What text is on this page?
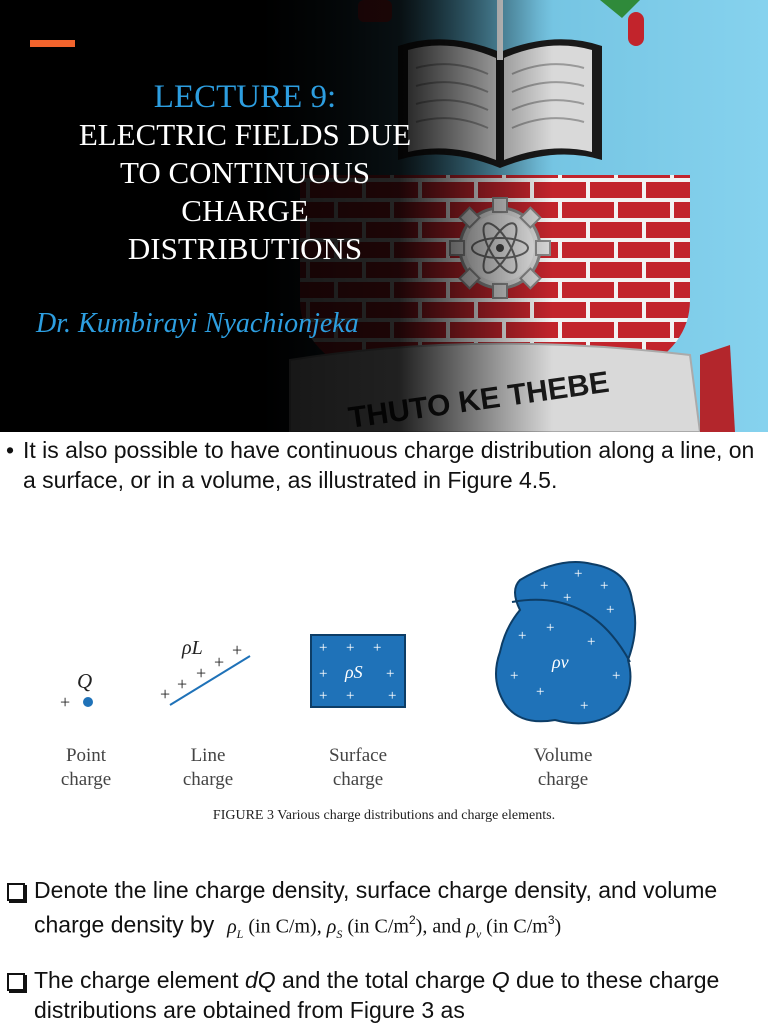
LECTURE 9:
ELECTRIC FIELDS DUE
TO CONTINUOUS
CHARGE
DISTRIBUTIONS
Dr. Kumbirayi Nyachionjeka
• It is also possible to have continuous charge distribution along a line, on a surface, or in a volume, as illustrated in Figure 4.5.
Q
+
ρL
+ +
+
+
+	+ + +
+ ρS +
+ + +
+
+
+
+
+
+ +
+
+
ρv
+
+
+
Point
charge
Line
charge
Surface
charge
Volume
charge
FIGURE 3 Various charge distributions and charge elements.
Denote the line charge density, surface charge density, and volume charge density by $\rho_L$ (in C/m), $\rho_S$ (in $C/m^2$), and $\rho_v$ (in $C/m^3$)
The charge element dQ and the total charge Q due to these charge distributions are obtained from Figure 3 as
